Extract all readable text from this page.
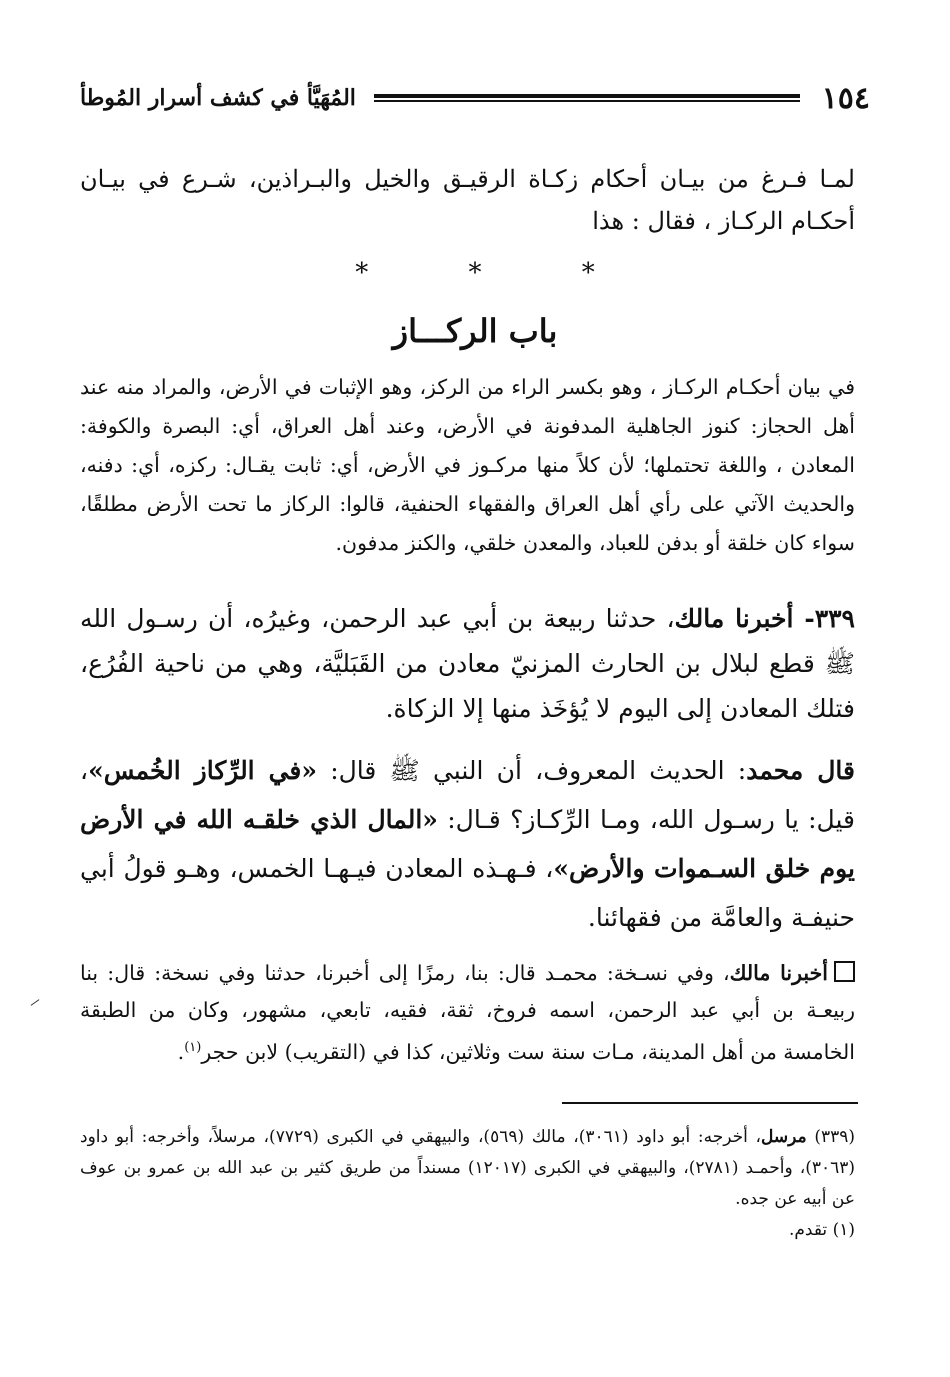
١٥٤
المُهَيَّأ في كشف أسرار المُوطأ

لمـا فـرغ من بيـان أحكام زكـاة الرقيـق والخيل والبـراذين، شـرع في بيـان أحكـام الركـاز ، فقال : هذا

* * *
باب الركـــاز

في بيان أحكـام الركـاز ، وهو بكسر الراء من الركز، وهو الإثبات في الأرض، والمراد منه عند أهل الحجاز: كنوز الجاهلية المدفونة في الأرض، وعند أهل العراق، أي: البصرة والكوفة: المعادن ، واللغة تحتملها؛ لأن كلاً منها مركـوز في الأرض، أي: ثابت يقـال: ركزه، أي: دفنه، والحديث الآتي على رأي أهل العراق والفقهاء الحنفية، قالوا: الركاز ما تحت الأرض مطلقًا، سواء كان خلقة أو بدفن للعباد، والمعدن خلقي، والكنز مدفون.

٣٣٩- أخبرنا مالك، حدثنا ربيعة بن أبي عبد الرحمن، وغيرُه، أن رسـول الله ﷺ قطع لبلال بن الحارث المزنيّ معادن من القَبَليَّة، وهي من ناحية الفُرُع، فتلك المعادن إلى اليوم لا يُؤخَذ منها إلا الزكاة.

قال محمد: الحديث المعروف، أن النبي ﷺ قال: «في الرِّكاز الخُمس»، قيل: يا رسـول الله، ومـا الرِّكـاز؟ قـال: «المال الذي خلقـه الله في الأرض يوم خلق السـموات والأرض»، فـهـذه المعادن فيـهـا الخمس، وهـو قولُ أبي حنيفـة والعامَّة من فقهائنا.

أخبرنا مالك، وفي نسـخة: محمـد قال: بنا، رمزًا إلى أخبرنا، حدثنا وفي نسخة: قال: بنا ربيعـة بن أبي عبد الرحمن، اسمه فروخ، ثقة، فقيه، تابعي، مشهور، وكان من الطبقة الخامسة من أهل المدينة، مـات سنة ست وثلاثين، كذا في (التقريب) لابن حجر$^{(١)}$.

(٣٣٩) مرسل، أخرجه: أبو داود (٣٠٦١)، مالك (٥٦٩)، والبيهقي في الكبرى (٧٧٢٩)، مرسلاً، وأخرجه: أبو داود (٣٠٦٣)، وأحمـد (٢٧٨١)، والبيهقي في الكبرى (١٢٠١٧) مسنداً من طريق كثير بن عبد الله بن عمرو بن عوف عن أبيه عن جده.

(١) تقدم.
